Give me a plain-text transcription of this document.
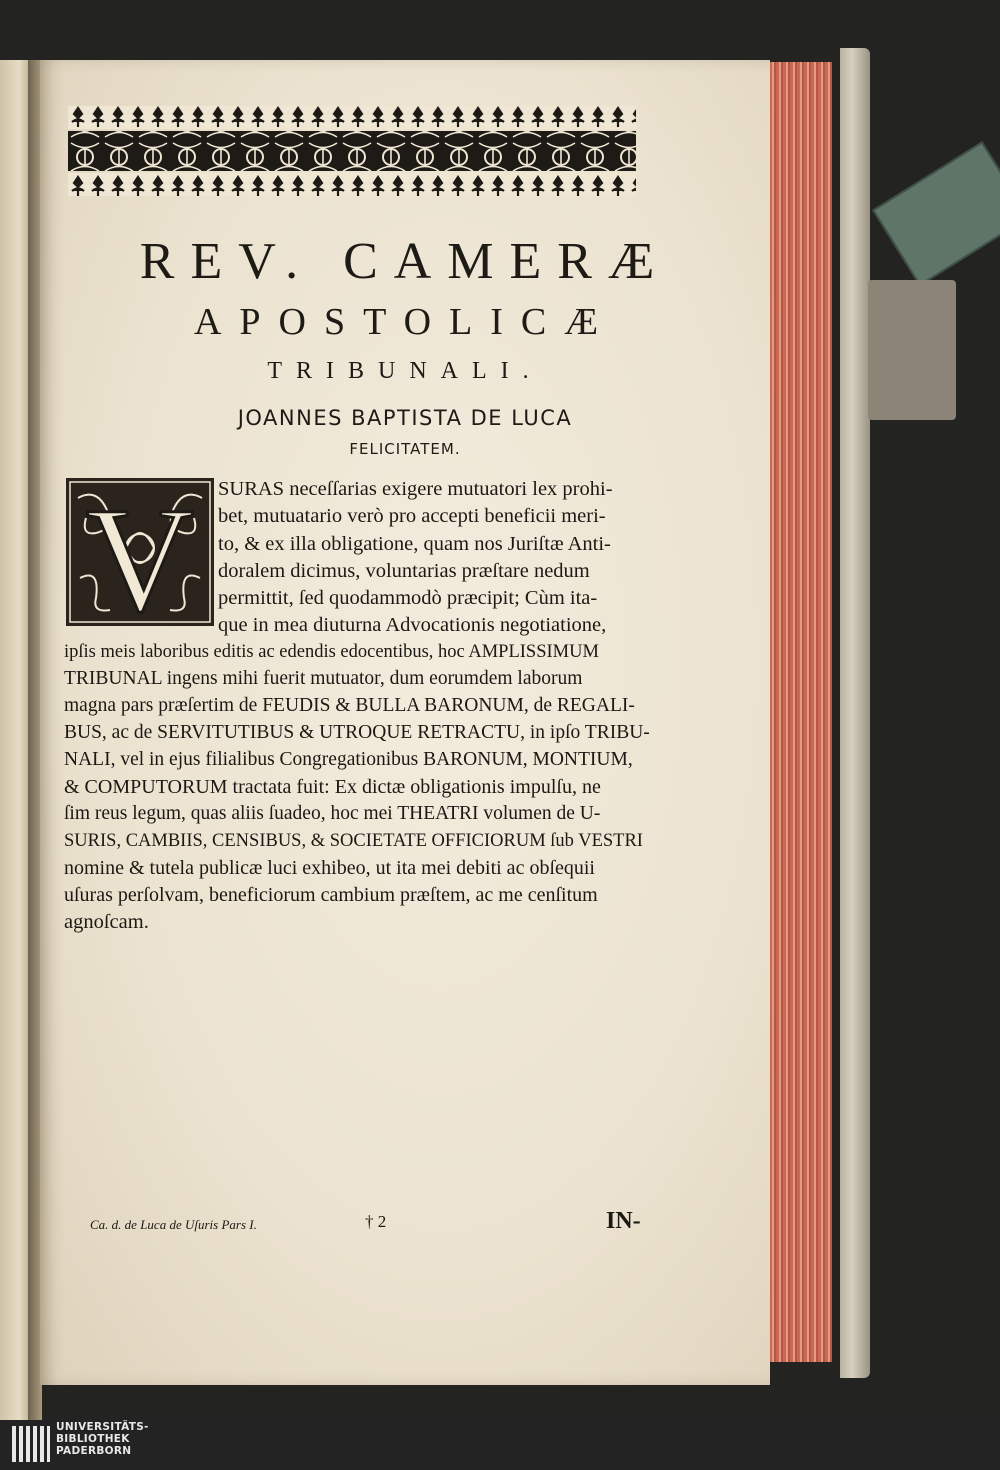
REV. CAMERÆ
APOSTOLICÆ
TRIBUNALI.
JOANNES BAPTISTA DE LUCA
FELICITATEM.
V SURAS neceſſarias exigere mutuatori lex prohi-
bet, mutuatario verò pro accepti beneficii meri-
to, & ex illa obligatione, quam nos Juriſtæ Anti-
doralem dicimus, voluntarias præſtare nedum
permittit, ſed quodammodò præcipit; Cùm ita-
que in mea diuturna Advocationis negotiatione,
ipſis meis laboribus editis ac edendis edocentibus, hoc AMPLISSIMUM
TRIBUNAL ingens mihi fuerit mutuator, dum eorumdem laborum
magna pars præſertim de FEUDIS & BULLA BARONUM, de REGALI-
BUS, ac de SERVITUTIBUS & UTROQUE RETRACTU, in ipſo TRIBU-
NALI, vel in ejus filialibus Congregationibus BARONUM, MONTIUM,
& COMPUTORUM tractata fuit: Ex dictæ obligationis impulſu, ne
ſim reus legum, quas aliis ſuadeo, hoc mei THEATRI volumen de U-
SURIS, CAMBIIS, CENSIBUS, & SOCIETATE OFFICIORUM ſub VESTRI
nomine & tutela publicæ luci exhibeo, ut ita mei debiti ac obſequii
uſuras perſolvam, beneficiorum cambium præſtem, ac me cenſitum
agnoſcam.
Ca. d. de Luca de Uſuris Pars I.	† 2	IN-
UNIVERSITÄTS-
BIBLIOTHEK
PADERBORN
